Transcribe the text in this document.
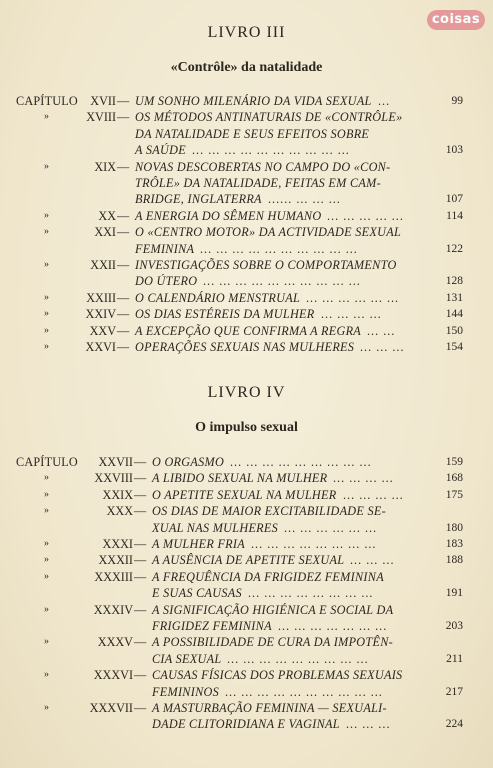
coisas
LIVRO III
«Contrôle» da natalidade
CAPÍTULO XVII — UM SONHO MILENÁRIO DA VIDA SEXUAL ...	99
»	XVIII — OS MÉTODOS ANTINATURAIS DE «CONTRÔLE»
DA NATALIDADE E SEUS EFEITOS SOBRE
A SAÚDE ... ... ... ... ... ... ... ... ... ...	103
»	XIX — NOVAS DESCOBERTAS NO CAMPO DO «CON-
TRÔLE» DA NATALIDADE, FEITAS EM CAM-
BRIDGE, INGLATERRA ...... ... ... ...	107
»	XX — A ENERGIA DO SÊMEN HUMANO ... ... ... ... ...	114
»	XXI — O «CENTRO MOTOR» DA ACTIVIDADE SEXUAL
FEMININA ... ... ... ... ... ... ... ... ... ...	122
»	XXII — INVESTIGAÇÕES SOBRE O COMPORTAMENTO
DO ÚTERO ... ... ... ... ... ... ... ... ... ...	128
»	XXIII — O CALENDÁRIO MENSTRUAL ... ... ... ... ... ...	131
»	XXIV — OS DIAS ESTÉREIS DA MULHER ... ... ... ...	144
»	XXV — A EXCEPÇÃO QUE CONFIRMA A REGRA ... ...	150
»	XXVI — OPERAÇÕES SEXUAIS NAS MULHERES ... ... ...	154
LIVRO IV
O impulso sexual
CAPÍTULO XXVII — O ORGASMO ... ... ... ... ... ... ... ... ...	159
»	XXVIII — A LIBIDO SEXUAL NA MULHER ... ... ... ...	168
»	XXIX — O APETITE SEXUAL NA MULHER ... ... ... ...	175
»	XXX — OS DIAS DE MAIOR EXCITABILIDADE SE-
XUAL NAS MULHERES ... ... ... ... ... ...	180
»	XXXI — A MULHER FRIA ... ... ... ... ... ... ... ...	183
»	XXXII — A AUSÊNCIA DE APETITE SEXUAL ... ... ...	188
»	XXXIII — A FREQUÊNCIA DA FRIGIDEZ FEMININA
E SUAS CAUSAS ... ... ... ... ... ... ... ...	191
»	XXXIV — A SIGNIFICAÇÃO HIGIÉNICA E SOCIAL DA
FRIGIDEZ FEMININA ... ... ... ... ... ... ...	203
»	XXXV — A POSSIBILIDADE DE CURA DA IMPOTÊN-
CIA SEXUAL ... ... ... ... ... ... ... ... ...	211
»	XXXVI — CAUSAS FÍSICAS DOS PROBLEMAS SEXUAIS
FEMININOS ... ... ... ... ... ... ... ... ... ...	217
»	XXXVII — A MASTURBAÇÃO FEMININA — SEXUALI-
DADE CLITORIDIANA E VAGINAL ... ... ...	224
